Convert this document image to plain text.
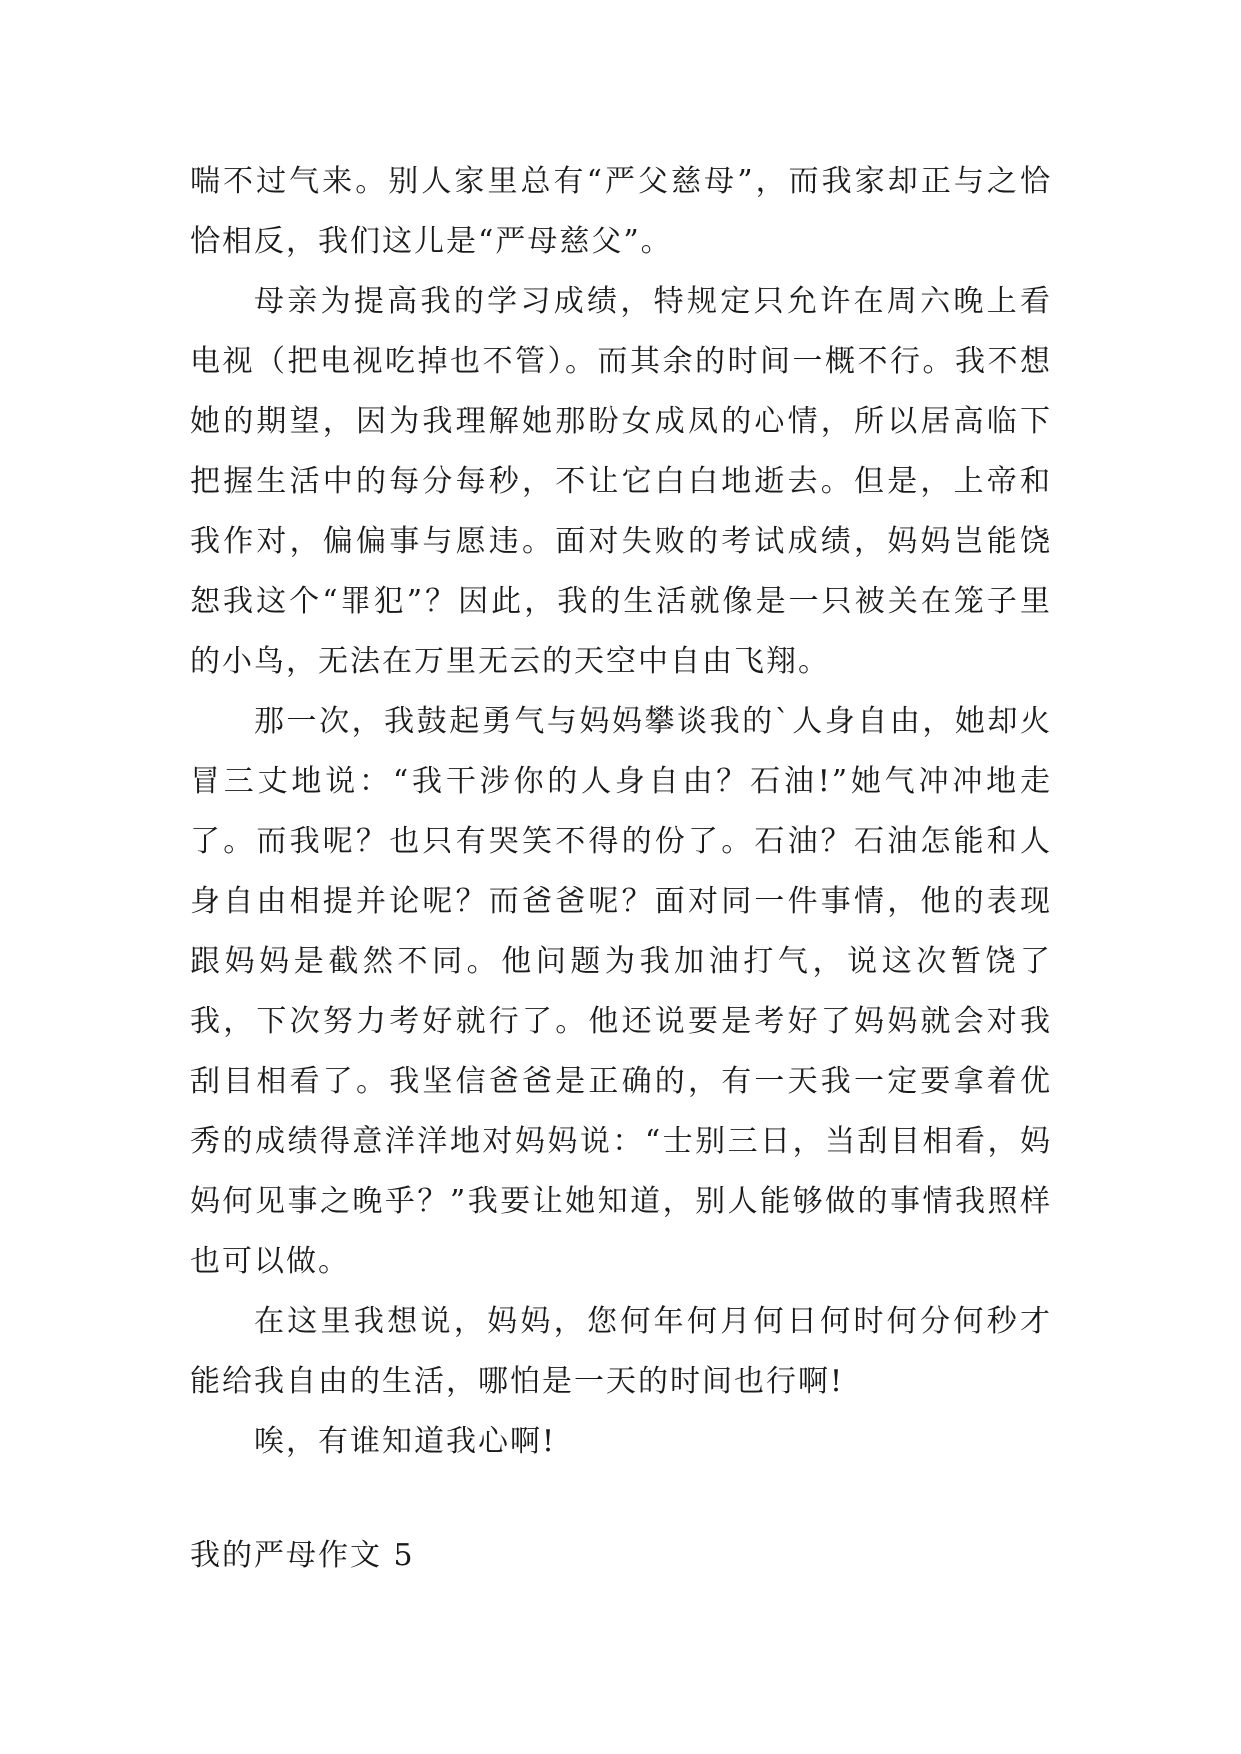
喘不过气来。别人家里总有“严父慈母”，而我家却正与之恰恰相反，我们这儿是“严母慈父”。

母亲为提高我的学习成绩，特规定只允许在周六晚上看电视（把电视吃掉也不管）。而其余的时间一概不行。我不想她的期望，因为我理解她那盼女成凤的心情，所以居高临下把握生活中的每分每秒，不让它白白地逝去。但是，上帝和我作对，偏偏事与愿违。面对失败的考试成绩，妈妈岂能饶恕我这个“罪犯”？因此，我的生活就像是一只被关在笼子里的小鸟，无法在万里无云的天空中自由飞翔。

那一次，我鼓起勇气与妈妈攀谈我的`人身自由，她却火冒三丈地说：“我干涉你的人身自由？石油!”她气冲冲地走了。而我呢？也只有哭笑不得的份了。石油？石油怎能和人身自由相提并论呢？而爸爸呢？面对同一件事情，他的表现跟妈妈是截然不同。他问题为我加油打气，说这次暂饶了我，下次努力考好就行了。他还说要是考好了妈妈就会对我刮目相看了。我坚信爸爸是正确的，有一天我一定要拿着优秀的成绩得意洋洋地对妈妈说：“士别三日，当刮目相看，妈妈何见事之晚乎？”我要让她知道，别人能够做的事情我照样也可以做。

在这里我想说，妈妈，您何年何月何日何时何分何秒才能给我自由的生活，哪怕是一天的时间也行啊!

唉，有谁知道我心啊!

我的严母作文 5
